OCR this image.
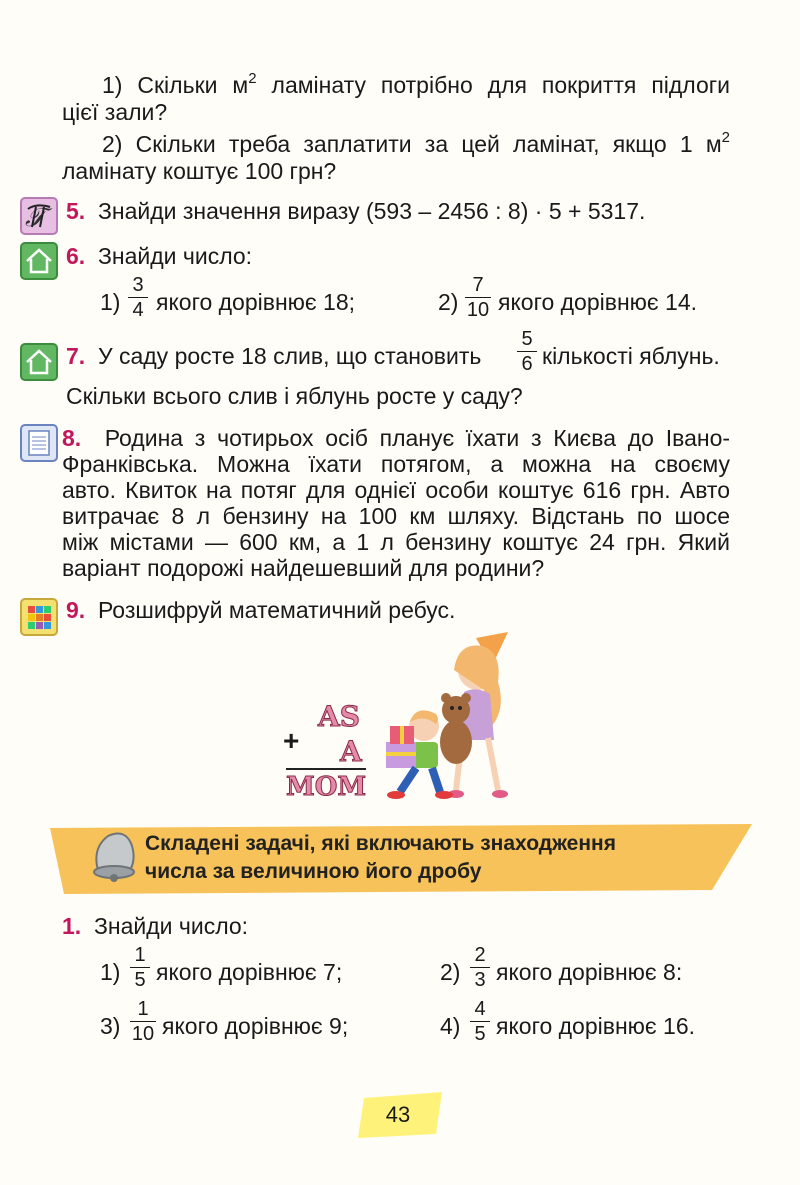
1) Скільки $м^2$ ламінату потрібно для покриття підлоги
цієї зали?
2) Скільки треба заплатити за цей ламінат, якщо 1 $м^2$
ламінату коштує 100 грн?
𝒯 5. Знайди значення виразу (593 – 2456 : 8) · 5 + 5317.
6. Знайди число:
1)
3
4 якого дорівнює 18;	2)
7
10 якого дорівнює 14.
7. У саду росте 18 слив, що становить
5
6 кількості яблунь.
Скільки всього слив і яблунь росте у саду?
8. Родина з чотирьох осіб планує їхати з Києва до Івано-
Франківська. Можна їхати потягом, а можна на своєму
авто. Квиток на потяг для однієї особи коштує 616 грн. Авто
витрачає 8 л бензину на 100 км шляху. Відстань по шосе
між містами — 600 км, а 1 л бензину коштує 24 грн. Який
варіант подорожі найдешевший для родини?
9. Розшифруй математичний ребус.
+
AS
A
MOM
Складені задачі, які включають знаходження
числа за величиною його дробу
1. Знайди число:
1)
1
5 якого дорівнює 7;	2)
2
3 якого дорівнює 8:
3)
1
10 якого дорівнює 9;	4)
4
5 якого дорівнює 16.
43
